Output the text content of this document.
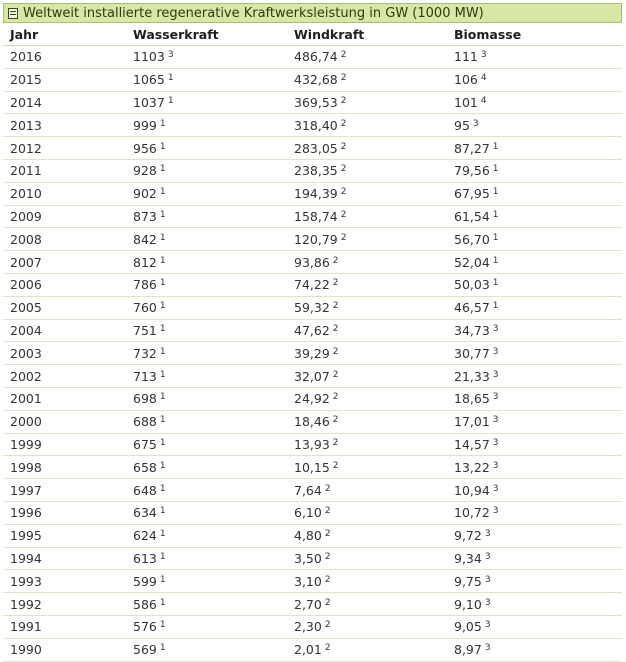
Weltweit installierte regenerative Kraftwerksleistung in GW (1000 MW)
Jahr	Wasserkraft	Windkraft	Biomasse
2016	1103 $^3$	486,74 $^2$	111 $^3$
2015	1065 $^1$	432,68 $^2$	106 $^4$
2014	1037 $^1$	369,53 $^2$	101 $^4$
2013	999 $^1$	318,40 $^2$	95 $^3$
2012	956 $^1$	283,05 $^2$	87,27 $^1$
2011	928 $^1$	238,35 $^2$	79,56 $^1$
2010	902 $^1$	194,39 $^2$	67,95 $^1$
2009	873 $^1$	158,74 $^2$	61,54 $^1$
2008	842 $^1$	120,79 $^2$	56,70 $^1$
2007	812 $^1$	93,86 $^2$	52,04 $^1$
2006	786 $^1$	74,22 $^2$	50,03 $^1$
2005	760 $^1$	59,32 $^2$	46,57 $^1$
2004	751 $^1$	47,62 $^2$	34,73 $^3$
2003	732 $^1$	39,29 $^2$	30,77 $^3$
2002	713 $^1$	32,07 $^2$	21,33 $^3$
2001	698 $^1$	24,92 $^2$	18,65 $^3$
2000	688 $^1$	18,46 $^2$	17,01 $^3$
1999	675 $^1$	13,93 $^2$	14,57 $^3$
1998	658 $^1$	10,15 $^2$	13,22 $^3$
1997	648 $^1$	7,64 $^2$	10,94 $^3$
1996	634 $^1$	6,10 $^2$	10,72 $^3$
1995	624 $^1$	4,80 $^2$	9,72 $^3$
1994	613 $^1$	3,50 $^2$	9,34 $^3$
1993	599 $^1$	3,10 $^2$	9,75 $^3$
1992	586 $^1$	2,70 $^2$	9,10 $^3$
1991	576 $^1$	2,30 $^2$	9,05 $^3$
1990	569 $^1$	2,01 $^2$	8,97 $^3$
